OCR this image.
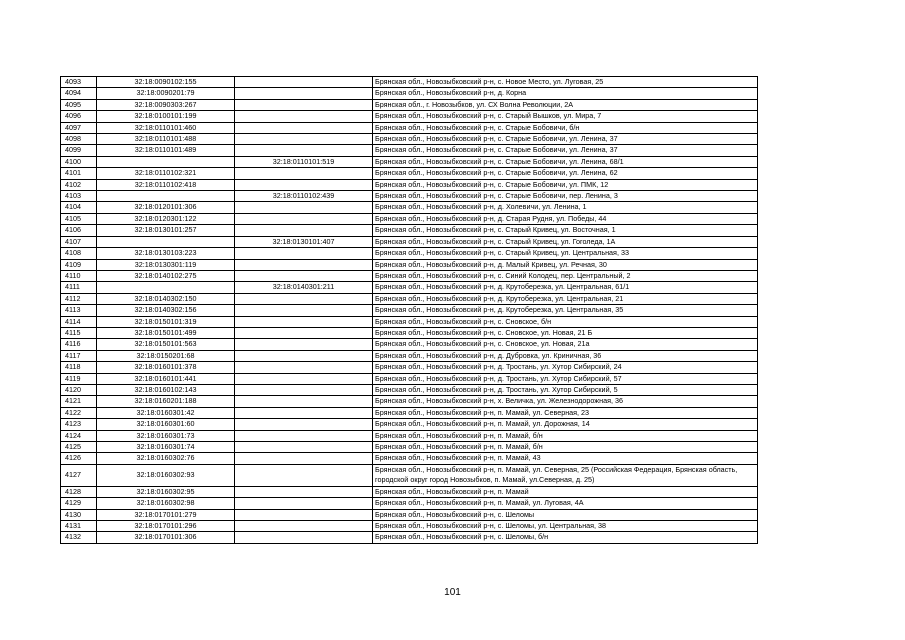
4093	32:18:0090102:155		Брянская обл., Новозыбковский р-н, с. Новое Место, ул. Луговая, 25
4094	32:18:0090201:79		Брянская обл., Новозыбковский р-н, д. Корна
4095	32:18:0090303:267		Брянская обл., г. Новозыбков, ул. СХ Волна Революции, 2А
4096	32:18:0100101:199		Брянская обл., Новозыбковский р-н, с. Старый Вышков, ул. Мира, 7
4097	32:18:0110101:460		Брянская обл., Новозыбковский р-н, с. Старые Бобовичи, б/н
4098	32:18:0110101:488		Брянская обл., Новозыбковский р-н, с. Старые Бобовичи, ул. Ленина, 37
4099	32:18:0110101:489		Брянская обл., Новозыбковский р-н, с. Старые Бобовичи, ул. Ленина, 37
4100		32:18:0110101:519	Брянская обл., Новозыбковский р-н, с. Старые Бобовичи, ул. Ленина, 68/1
4101	32:18:0110102:321		Брянская обл., Новозыбковский р-н, с. Старые Бобовичи, ул. Ленина, 62
4102	32:18:0110102:418		Брянская обл., Новозыбковский р-н, с. Старые Бобовичи, ул. ПМК, 12
4103		32:18:0110102:439	Брянская обл., Новозыбковский р-н, с. Старые Бобовичи, пер. Ленина, 3
4104	32:18:0120101:306		Брянская обл., Новозыбковский р-н, д. Холевичи, ул. Ленина, 1
4105	32:18:0120301:122		Брянская обл., Новозыбковский р-н, д. Старая Рудня, ул. Победы, 44
4106	32:18:0130101:257		Брянская обл., Новозыбковский р-н, с. Старый Кривец, ул. Восточная, 1
4107		32:18:0130101:407	Брянская обл., Новозыбковский р-н, с. Старый Кривец, ул. Гоголеда, 1А
4108	32:18:0130103:223		Брянская обл., Новозыбковский р-н, с. Старый Кривец, ул. Центральная, 33
4109	32:18:0130301:119		Брянская обл., Новозыбковский р-н, д. Малый Кривец, ул. Речная, 30
4110	32:18:0140102:275		Брянская обл., Новозыбковский р-н, с. Синий Колодец, пер. Центральный, 2
4111		32:18:0140301:211	Брянская обл., Новозыбковский р-н, д. Крутоберезка, ул. Центральная, 61/1
4112	32:18:0140302:150		Брянская обл., Новозыбковский р-н, д. Крутоберезка, ул. Центральная, 21
4113	32:18:0140302:156		Брянская обл., Новозыбковский р-н, д. Крутоберезка, ул. Центральная, 35
4114	32:18:0150101:319		Брянская обл., Новозыбковский р-н, с. Сновское, б/н
4115	32:18:0150101:499		Брянская обл., Новозыбковский р-н, с. Сновское, ул. Новая, 21 Б
4116	32:18:0150101:563		Брянская обл., Новозыбковский р-н, с. Сновское, ул. Новая, 21а
4117	32:18:0150201:68		Брянская обл., Новозыбковский р-н, д. Дубровка, ул. Криничная, 36
4118	32:18:0160101:378		Брянская обл., Новозыбковский р-н, д. Тростань, ул. Хутор Сибирский, 24
4119	32:18:0160101:441		Брянская обл., Новозыбковский р-н, д. Тростань, ул. Хутор Сибирский, 57
4120	32:18:0160102:143		Брянская обл., Новозыбковский р-н, д. Тростань, ул. Хутор Сибирский, 5
4121	32:18:0160201:188		Брянская обл., Новозыбковский р-н, х. Величка, ул. Железнодорожная, 36
4122	32:18:0160301:42		Брянская обл., Новозыбковский р-н, п. Мамай, ул. Северная, 23
4123	32:18:0160301:60		Брянская обл., Новозыбковский р-н, п. Мамай, ул. Дорожная, 14
4124	32:18:0160301:73		Брянская обл., Новозыбковский р-н, п. Мамай, б/н
4125	32:18:0160301:74		Брянская обл., Новозыбковский р-н, п. Мамай, б/н
4126	32:18:0160302:76		Брянская обл., Новозыбковский р-н, п. Мамай, 43
4127	32:18:0160302:93		Брянская обл., Новозыбковский р-н, п. Мамай, ул. Северная, 25 (Российская Федерация, Брянская область, городской округ город Новозыбков, п. Мамай, ул.Северная, д. 25)
4128	32:18:0160302:95		Брянская обл., Новозыбковский р-н, п. Мамай
4129	32:18:0160302:98		Брянская обл., Новозыбковский р-н, п. Мамай, ул. Луговая, 4А
4130	32:18:0170101:279		Брянская обл., Новозыбковский р-н, с. Шеломы
4131	32:18:0170101:296		Брянская обл., Новозыбковский р-н, с. Шеломы, ул. Центральная, 38
4132	32:18:0170101:306		Брянская обл., Новозыбковский р-н, с. Шеломы, б/н
101
